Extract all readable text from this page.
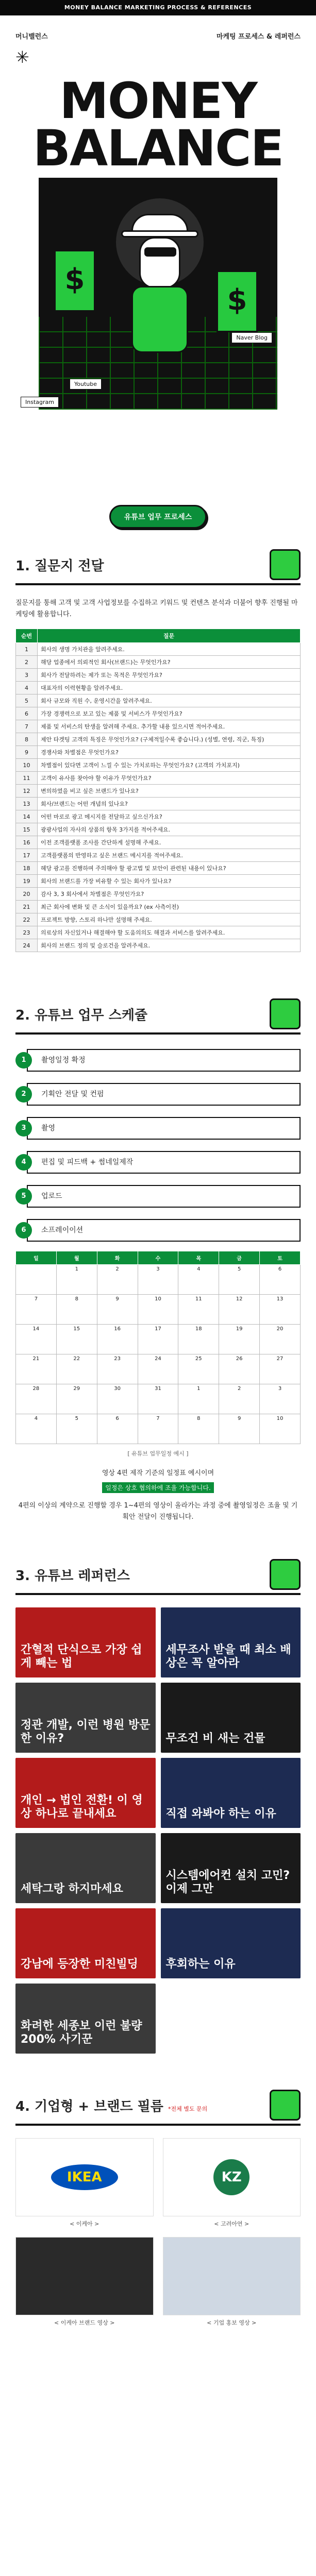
MONEY BALANCE MARKETING PROCESS & REFERENCES
머니밸런스	마케팅 프로세스 & 레퍼런스
✳
MONEY
BALANCE
$
$
Naver Blog
Youtube
Instagram
유튜브 업무 프로세스
1. 질문지 전달

질문지를 통해 고객 및 고객 사업정보를 수집하고 키워드 및 컨텐츠 분석과 더불어 향후 진행될 마케팅에 활용합니다.

순번	질문
1	회사의 생명 가치관을 알려주세요.
2	해당 업종에서 의뢰적인 회사(브랜드)는 무엇인가요?
3	회사가 전달하려는 제가 또는 목적은 무엇인가요?
4	대표자의 이력현황을 알려주세요.
5	회사 규모와 직원 수, 운영시간을 알려주세요.
6	가장 경쟁력으로 보고 있는 제품 및 서비스가 무엇인가요?
7	제품 및 서비스의 탄생을 알려해 주세요. 추가할 내용 있으시면 적어주세요.
8	제안 타겟팅 고객의 특징은 무엇인가요? (구체적일수록 좋습니다.) (성별, 연령, 직군, 특징)
9	경쟁사와 차별점은 무엇인가요?
10	차별점이 있다면 고객이 느낄 수 있는 가치로하는 무엇인가요? (고객의 가치포지)
11	고객이 유사를 찾아야 할 이유가 무엇인가요?
12	변의하였을 비고 싶은 브랜드가 있나요?
13	회사/브랜드는 어떤 개념의 있나요?
14	어떤 마로로 광고 메시지를 전달하고 싶으신가요?
15	광광사업의 자사의 상품의 항목 3가지를 적어주세요.
16	이전 조객플랫폼 조사를 간단하게 설명해 주세요.
17	고객플랫폼의 반영하고 싶은 브랜드 메시지를 적어주세요.
18	혜당 광고를 진행하며 주의해야 할 광고법 및 보안이 관련된 내용이 있나요?
19	회사의 브랜드를 가장 비유할 수 있는 회사가 있나요?
20	감사 3, 3 회사에서 차별점은 무엇인가요?
21	최근 회사에 변화 및 큰 소식이 있을까요? (ex 사측이전)
22	프로젝트 방향, 스토리 하나만 설명해 주세요.
23	의료상의 자신있거나 해결해야 할 도움의의도 해결과 서비스를 알려주세요.
24	회사의 브랜드 정의 및 슬로건을 알려주세요.
2. 유튜브 업무 스케쥴
1	촬영일정 확정
2	기획안 전달 및 컨펌
3	촬영
4	편집 및 피드백 + 썸네일제작
5	업로드
6	소프레이이션
일	월	화	수	목	금	토
	1	2	3	4	5	6
7	8	9	10	11	12	13
14	15	16	17	18	19	20
21	22	23	24	25	26	27
28	29	30	31	1	2	3
4	5	6	7	8	9	10

[ 유튜브 업무일정 예시 ]

영상 4편 제작 기준의 일정표 예시이며

일정은 상호 협의하에 조율 가능합니다.

4편의 이상의 계약으로 진행할 경우 1~4편의 영상이 올라가는 과정 중에 촬영일정은 조율 및 기획안 전달이 진행됩니다.

3. 유튜브 레퍼런스
간혈적 단식으로 가장 쉽게 빼는 법
세무조사 받을 때 최소 배상은 꼭 알아라
정관 개발, 이런 병원 방문한 이유?	무조건 비 새는 건물
개인 → 법인 전환! 이 영상 하나로 끝내세요	직접 와봐야 하는 이유
세탁그랑 하지마세요
시스템에어컨 설치 고민? 이제 그만
강남에 등장한 미친빌딩	후회하는 이유
화려한 세종보 이런 불량 200% 사기꾼
4. 기업형 + 브랜드 필름 *전체 별도 문의
IKEA

< 이케아 >

KZ

< 고려아연 >

< 이케아 브랜드 영상 >	< 기업 홍보 영상 >
